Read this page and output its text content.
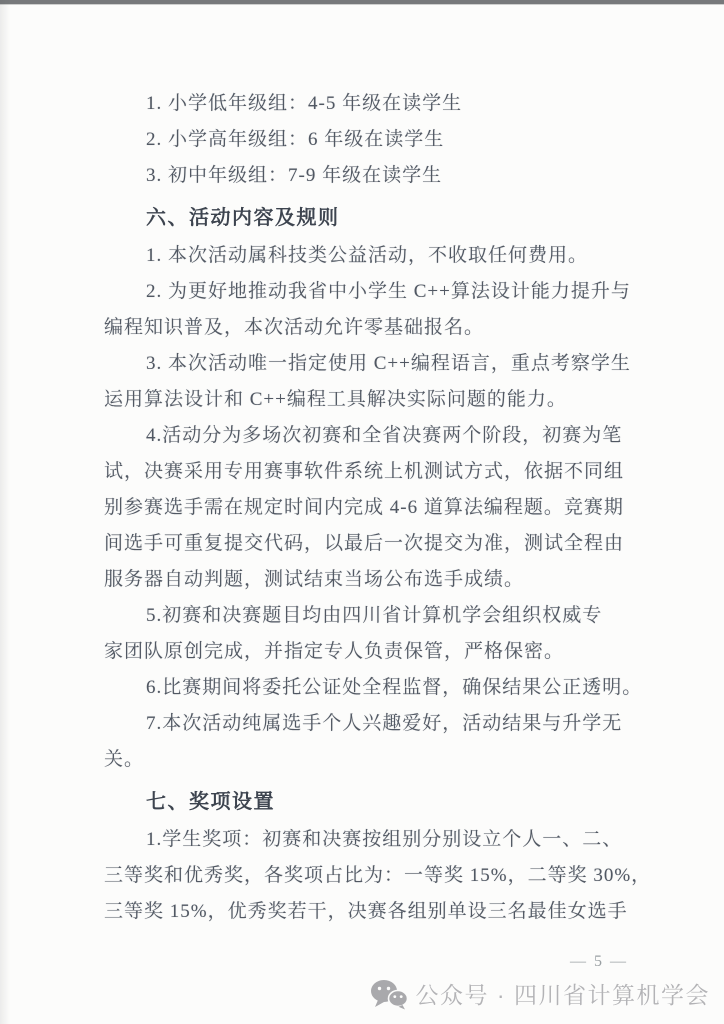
1. 小学低年级组：4-5 年级在读学生
2. 小学高年级组：6 年级在读学生
3. 初中年级组：7-9 年级在读学生
六、活动内容及规则
1. 本次活动属科技类公益活动，不收取任何费用。
2. 为更好地推动我省中小学生 C++算法设计能力提升与
编程知识普及，本次活动允许零基础报名。
3. 本次活动唯一指定使用 C++编程语言，重点考察学生
运用算法设计和 C++编程工具解决实际问题的能力。
4.活动分为多场次初赛和全省决赛两个阶段，初赛为笔
试，决赛采用专用赛事软件系统上机测试方式，依据不同组
别参赛选手需在规定时间内完成 4-6 道算法编程题。竞赛期
间选手可重复提交代码，以最后一次提交为准，测试全程由
服务器自动判题，测试结束当场公布选手成绩。
5.初赛和决赛题目均由四川省计算机学会组织权威专
家团队原创完成，并指定专人负责保管，严格保密。
6.比赛期间将委托公证处全程监督，确保结果公正透明。
7.本次活动纯属选手个人兴趣爱好，活动结果与升学无
关。
七、奖项设置
1.学生奖项：初赛和决赛按组别分别设立个人一、二、
三等奖和优秀奖，各奖项占比为：一等奖 15%，二等奖 30%，
三等奖 15%，优秀奖若干，决赛各组别单设三名最佳女选手
— 5 —
公众号 · 四川省计算机学会
